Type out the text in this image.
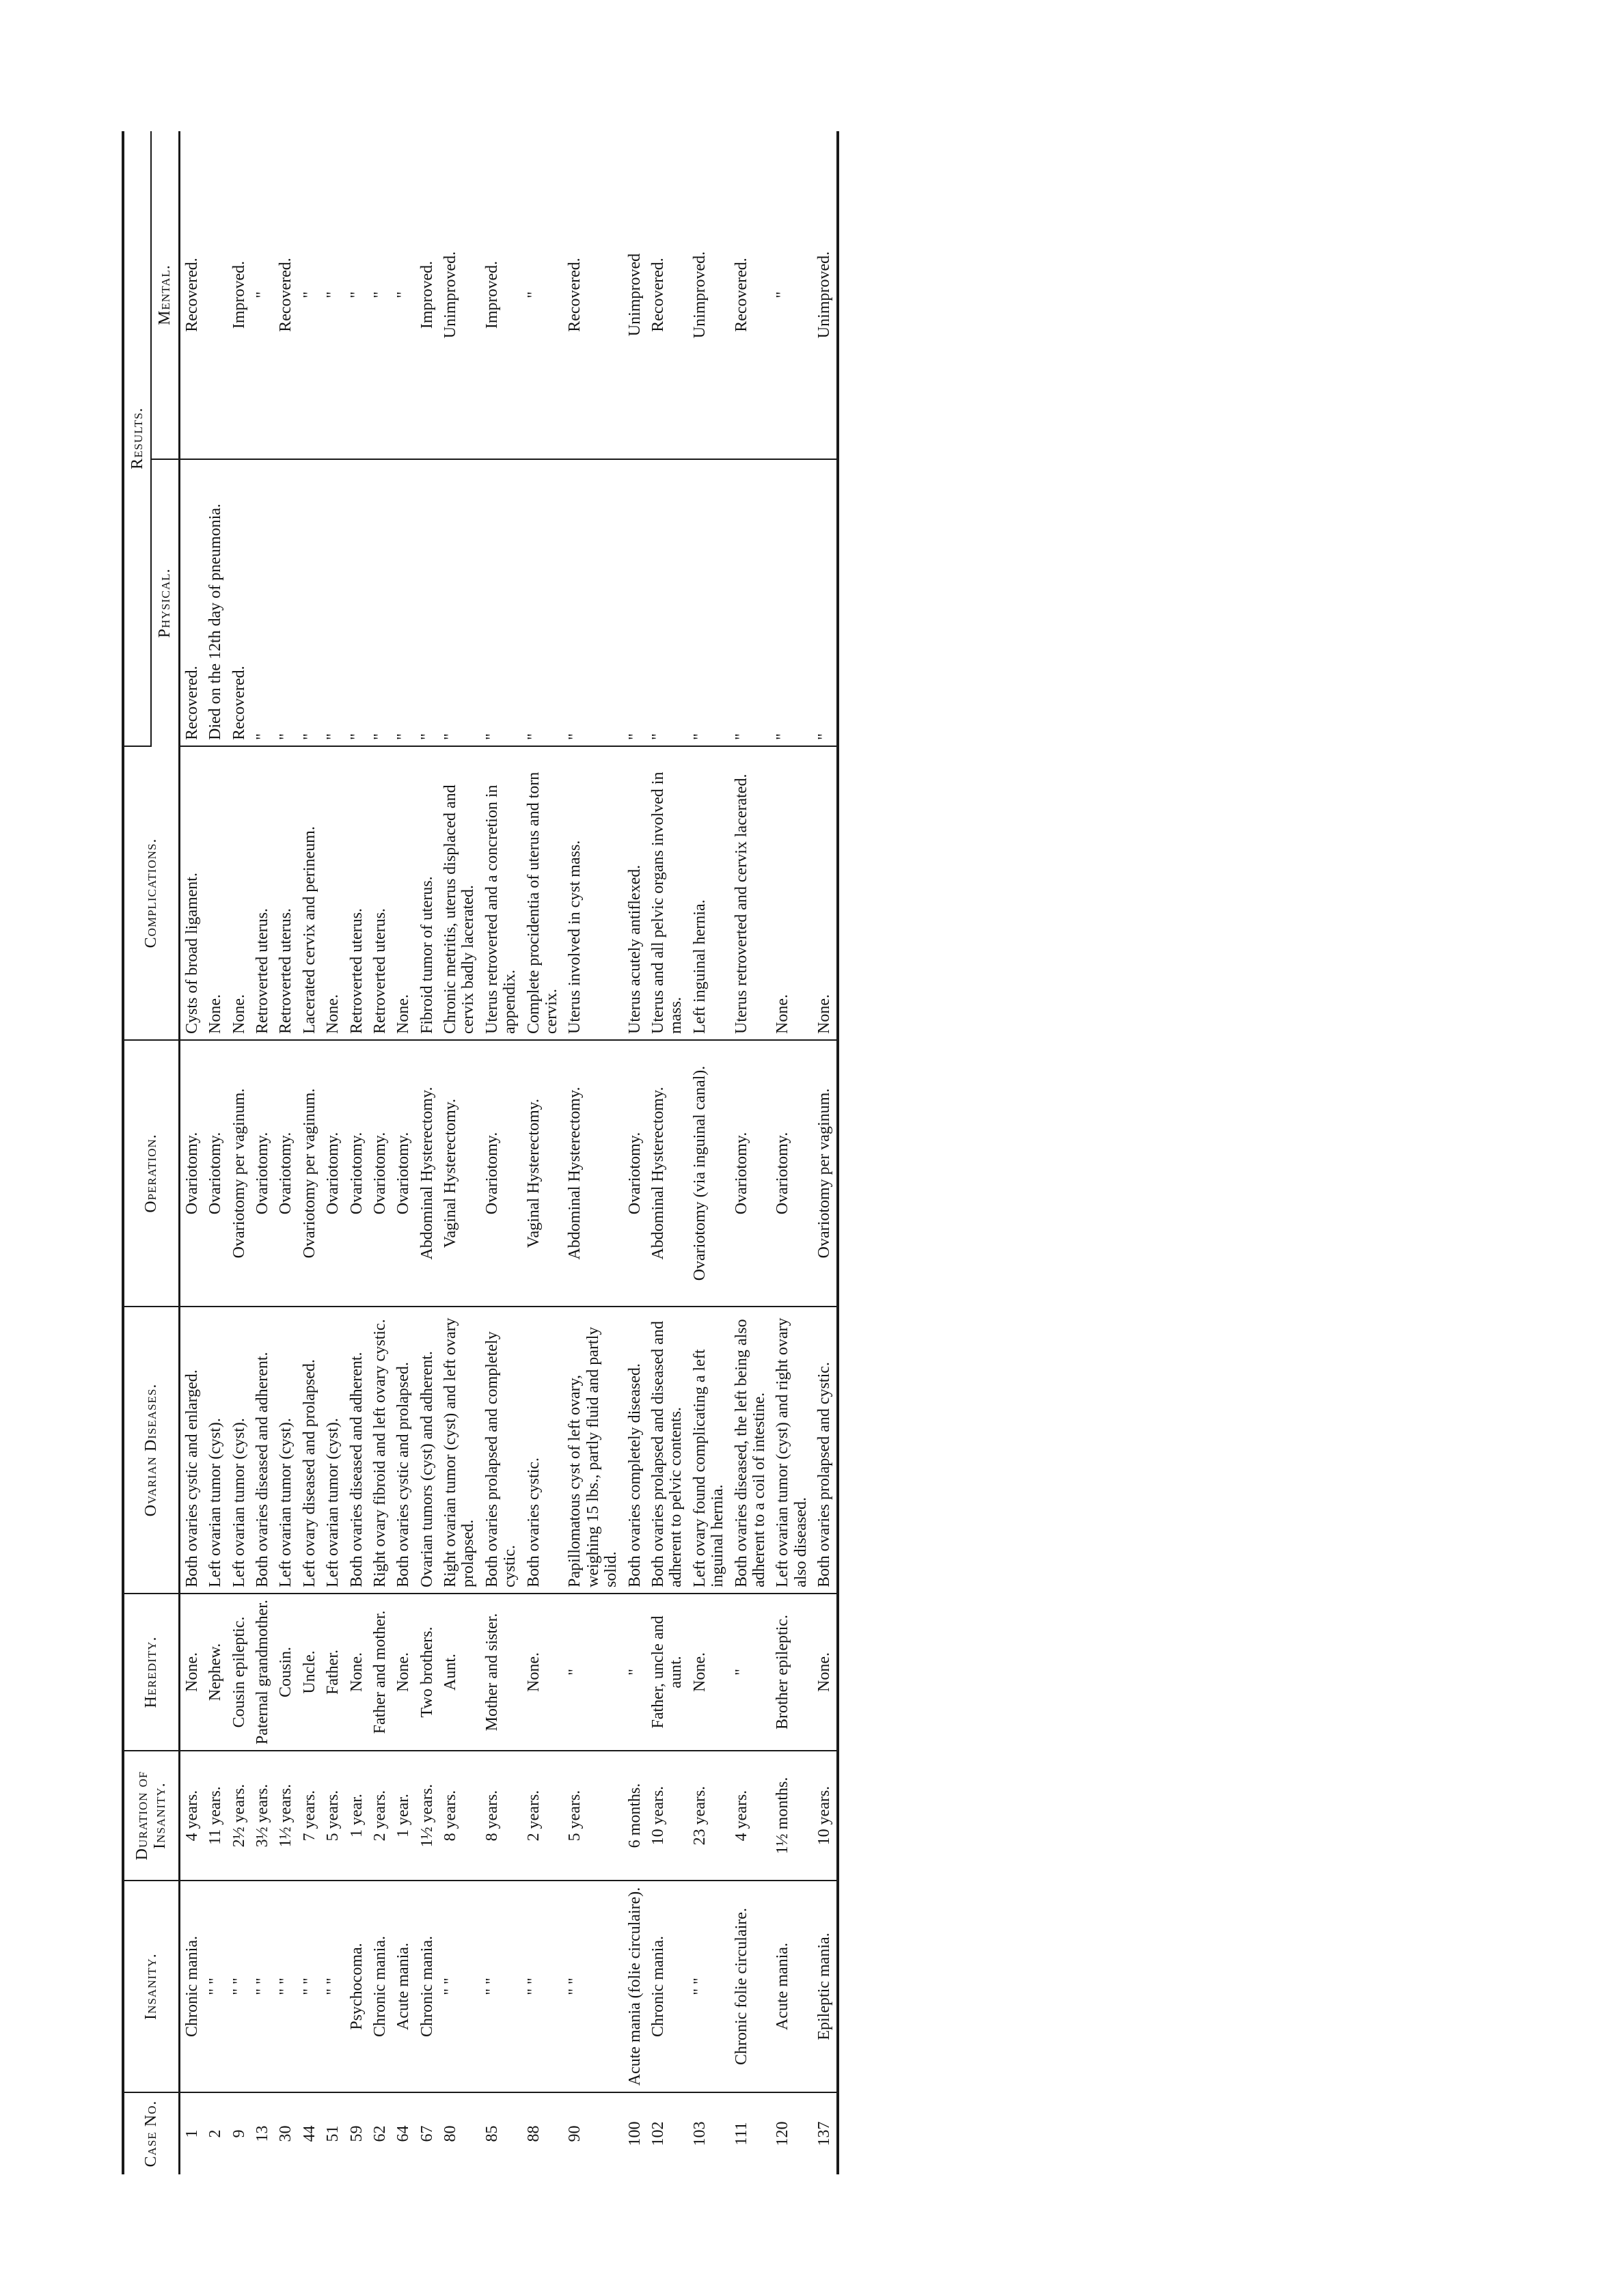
Case No.	Insanity.	Duration of Insanity.	Heredity.	Ovarian Diseases.	Operation.	Complications.	Results.	
							Physical.	Mental.
1	Chronic mania.	4 years.	None.	Both ovaries cystic and enlarged.	Ovariotomy.	Cysts of broad ligament.	Recovered.	Recovered.
2	" "	11 years.	Nephew.	Left ovarian tumor (cyst).	Ovariotomy.	None.	Died on the 12th day of pneumonia.	
9	" "	2½ years.	Cousin epileptic.	Left ovarian tumor (cyst).	Ovariotomy per vaginum.	None.	Recovered.	Improved.
13	" "	3½ years.	Paternal grandmother.	Both ovaries diseased and adherent.	Ovariotomy.	Retroverted uterus.	"	"
30	" "	1½ years.	Cousin.	Left ovarian tumor (cyst).	Ovariotomy.	Retroverted uterus.	"	Recovered.
44	" "	7 years.	Uncle.	Left ovary diseased and prolapsed.	Ovariotomy per vaginum.	Lacerated cervix and perineum.	"	"
51	" "	5 years.	Father.	Left ovarian tumor (cyst).	Ovariotomy.	None.	"	"
59	Psychocoma.	1 year.	None.	Both ovaries diseased and adherent.	Ovariotomy.	Retroverted uterus.	"	"
62	Chronic mania.	2 years.	Father and mother.	Right ovary fibroid and left ovary cystic.	Ovariotomy.	Retroverted uterus.	"	"
64	Acute mania.	1 year.	None.	Both ovaries cystic and prolapsed.	Ovariotomy.	None.	"	"
67	Chronic mania.	1½ years.	Two brothers.	Ovarian tumors (cyst) and adherent.	Abdominal Hysterectomy.	Fibroid tumor of uterus.	"	Improved.
80	" "	8 years.	Aunt.	Right ovarian tumor (cyst) and left ovary prolapsed.	Vaginal Hysterectomy.	Chronic metritis, uterus displaced and cervix badly lacerated.	"	Unimproved.
85	" "	8 years.	Mother and sister.	Both ovaries prolapsed and completely cystic.	Ovariotomy.	Uterus retroverted and a concretion in appendix.	"	Improved.
88	" "	2 years.	None.	Both ovaries cystic.	Vaginal Hysterectomy.	Complete procidentia of uterus and torn cervix.	"	"
90	" "	5 years.	"	Papillomatous cyst of left ovary, weighing 15 lbs., partly fluid and partly solid.	Abdominal Hysterectomy.	Uterus involved in cyst mass.	"	Recovered.
100	Acute mania (folie circulaire).	6 months.	"	Both ovaries completely diseased.	Ovariotomy.	Uterus acutely antiflexed.	"	Unimproved
102	Chronic mania.	10 years.	Father, uncle and aunt.	Both ovaries prolapsed and diseased and adherent to pelvic contents.	Abdominal Hysterectomy.	Uterus and all pelvic organs involved in mass.	"	Recovered.
103	" "	23 years.	None.	Left ovary found complicating a left inguinal hernia.	Ovariotomy (via inguinal canal).	Left inguinal hernia.	"	Unimproved.
111	Chronic folie circulaire.	4 years.	"	Both ovaries diseased, the left being also adherent to a coil of intestine.	Ovariotomy.	Uterus retroverted and cervix lacerated.	"	Recovered.
120	Acute mania.	1½ months.	Brother epileptic.	Left ovarian tumor (cyst) and right ovary also diseased.	Ovariotomy.	None.	"	"
137	Epileptic mania.	10 years.	None.	Both ovaries prolapsed and cystic.	Ovariotomy per vaginum.	None.	"	Unimproved.
